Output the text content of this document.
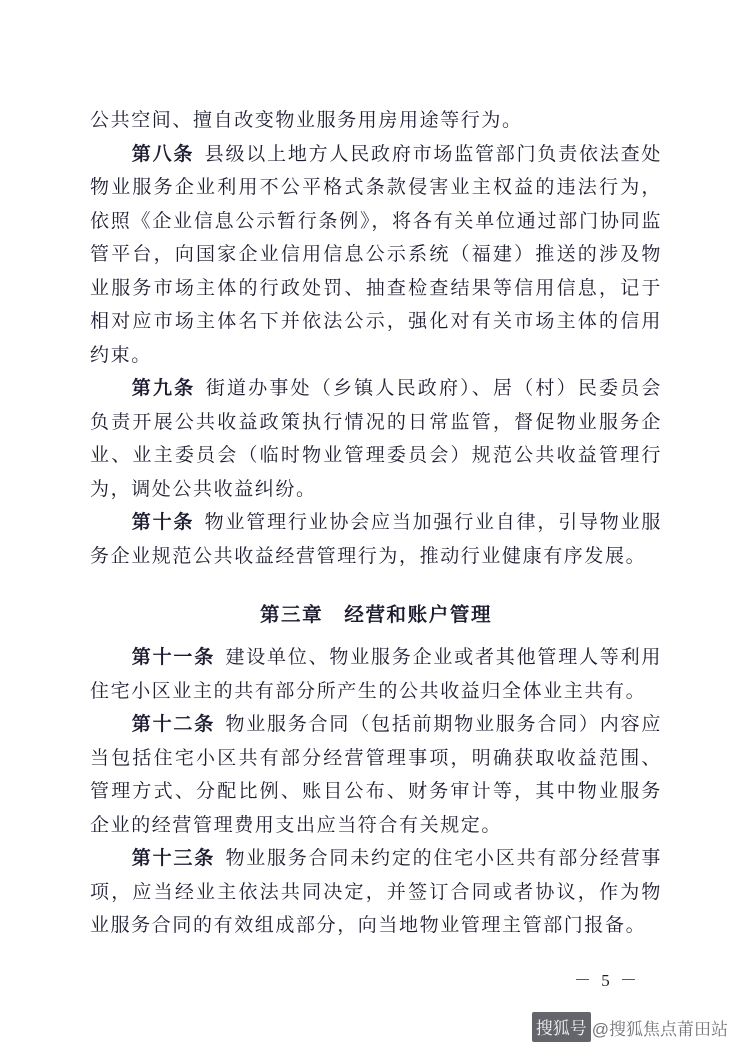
公共空间、擅自改变物业服务用房用途等行为。

第八条 县级以上地方人民政府市场监管部门负责依法查处物业服务企业利用不公平格式条款侵害业主权益的违法行为，依照《企业信息公示暂行条例》，将各有关单位通过部门协同监管平台，向国家企业信用信息公示系统（福建）推送的涉及物业服务市场主体的行政处罚、抽查检查结果等信用信息，记于相对应市场主体名下并依法公示，强化对有关市场主体的信用约束。

第九条 街道办事处（乡镇人民政府）、居（村）民委员会负责开展公共收益政策执行情况的日常监管，督促物业服务企业、业主委员会（临时物业管理委员会）规范公共收益管理行为，调处公共收益纠纷。

第十条 物业管理行业协会应当加强行业自律，引导物业服务企业规范公共收益经营管理行为，推动行业健康有序发展。

第三章　经营和账户管理

第十一条 建设单位、物业服务企业或者其他管理人等利用住宅小区业主的共有部分所产生的公共收益归全体业主共有。

第十二条 物业服务合同（包括前期物业服务合同）内容应当包括住宅小区共有部分经营管理事项，明确获取收益范围、管理方式、分配比例、账目公布、财务审计等，其中物业服务企业的经营管理费用支出应当符合有关规定。

第十三条 物业服务合同未约定的住宅小区共有部分经营事项，应当经业主依法共同决定，并签订合同或者协议，作为物业服务合同的有效组成部分，向当地物业管理主管部门报备。

－ 5 －
搜狐号 @搜狐焦点莆田站
